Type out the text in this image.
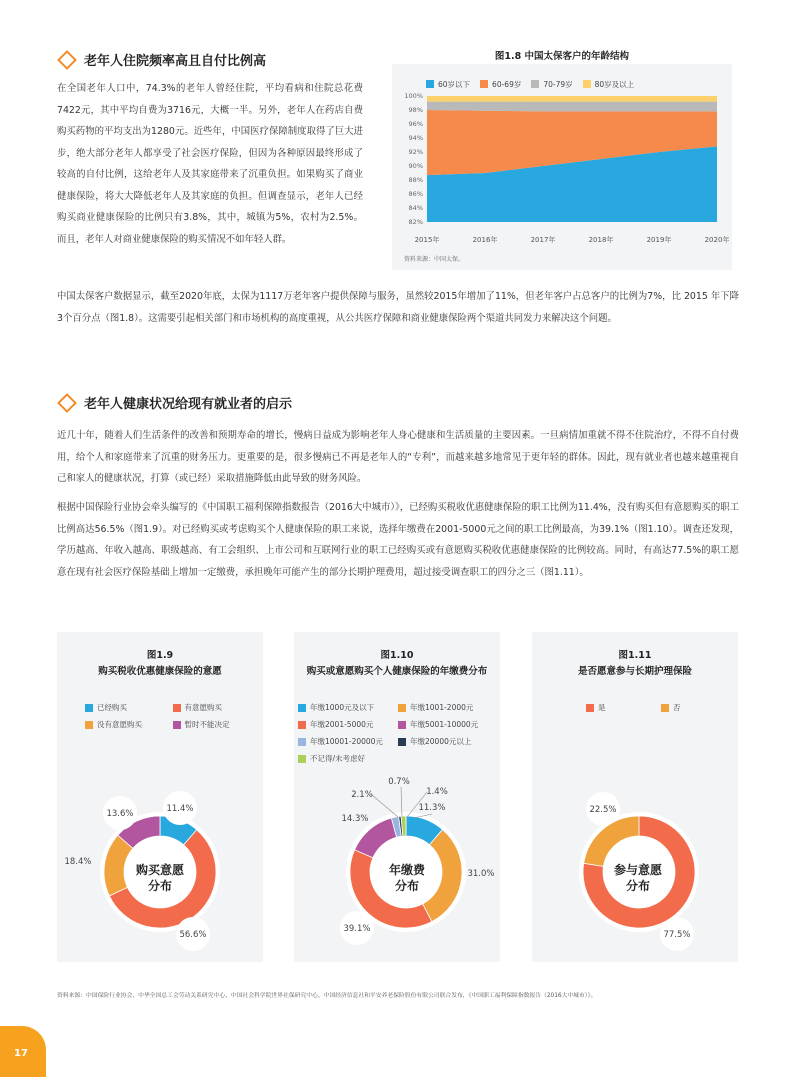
老年人住院频率高且自付比例高
在全国老年人口中，74.3%的老年人曾经住院，平均看病和住院总花费7422元，其中平均自费为3716元，大概一半。另外，老年人在药店自费购买药物的平均支出为1280元。近些年，中国医疗保障制度取得了巨大进步，绝大部分老年人都享受了社会医疗保险，但因为各种原因最终形成了较高的自付比例，这给老年人及其家庭带来了沉重负担。如果购买了商业健康保险，将大大降低老年人及其家庭的负担。但调查显示，老年人已经购买商业健康保险的比例只有3.8%，其中，城镇为5%，农村为2.5%。而且，老年人对商业健康保险的购买情况不如年轻人群。
图1.8 中国太保客户的年龄结构
60岁以下	60-69岁	70-79岁	80岁及以上
82%
84%
86%
88%
90%
92%
94%
96%
98%
100%
2015年	2016年	2017年	2018年	2019年	2020年
资料来源：中国太保。
中国太保客户数据显示，截至2020年底，太保为1117万老年客户提供保障与服务，虽然较2015年增加了11%，但老年客户占总客户的比例为7%，比 2015 年下降 3个百分点（图1.8）。这需要引起相关部门和市场机构的高度重视，从公共医疗保障和商业健康保险两个渠道共同发力来解决这个问题。
老年人健康状况给现有就业者的启示
近几十年，随着人们生活条件的改善和预期寿命的增长，慢病日益成为影响老年人身心健康和生活质量的主要因素。一旦病情加重就不得不住院治疗，不得不自付费用，给个人和家庭带来了沉重的财务压力。更重要的是，很多慢病已不再是老年人的“专利”，而越来越多地常见于更年轻的群体。因此，现有就业者也越来越重视自己和家人的健康状况，打算（或已经）采取措施降低由此导致的财务风险。
根据中国保险行业协会牵头编写的《中国职工福利保障指数报告（2016大中城市）》，已经购买税收优惠健康保险的职工比例为11.4%，没有购买但有意愿购买的职工比例高达56.5%（图1.9）。对已经购买或考虑购买个人健康保险的职工来说，选择年缴费在2001-5000元之间的职工比例最高，为39.1%（图1.10）。调查还发现，学历越高、年收入越高、职级越高、有工会组织、上市公司和互联网行业的职工已经购买或有意愿购买税收优惠健康保险的比例较高。同时，有高达77.5%的职工愿意在现有社会医疗保险基础上增加一定缴费，承担晚年可能产生的部分长期护理费用，超过接受调查职工的四分之三（图1.11）。
图1.9
购买税收优惠健康保险的意愿
已经购买	有意愿购买
没有意愿购买	暂时不能决定
11.4%
56.6%
18.4%
13.6%
购买意愿
分布
图1.10
购买或意愿购买个人健康保险的年缴费分布
年缴1000元及以下	年缴1001-2000元
年缴2001-5000元	年缴5001-10000元
年缴10001-20000元	年缴20000元以上
不记得/未考虑好
11.3%
31.0%
39.1%
14.3%
2.1%
0.7%
1.4%
年缴费
分布
图1.11
是否愿意参与长期护理保险
是	否
77.5%
22.5%
参与意愿
分布
资料来源：中国保险行业协会、中华全国总工会劳动关系研究中心、中国社会科学院世界社保研究中心、中国经济信息社和平安养老保险股份有限公司联合发布，《中国职工福利保障指数报告（2016大中城市）》。
17
